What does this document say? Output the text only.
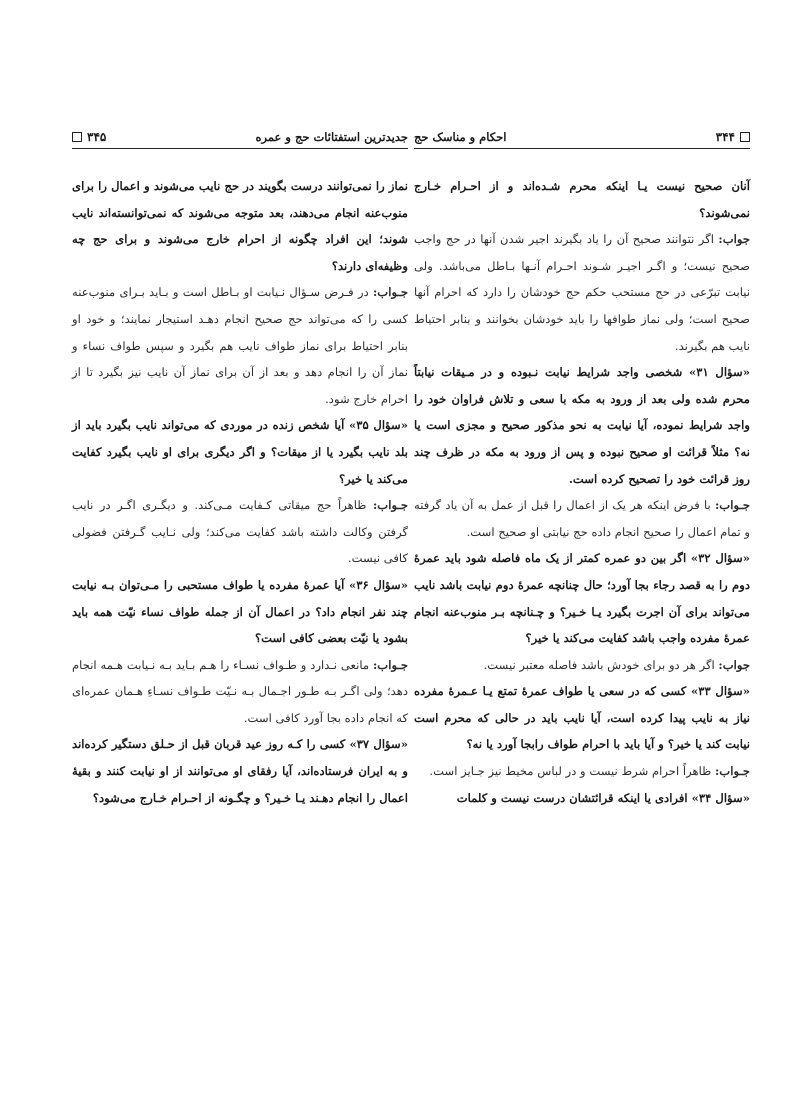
جدیدترین استفتائات حج و عمره
۳۴۵

نماز را نمی‌توانند درست بگویند در حج نایب می‌شوند و اعمال را برای منوب‌عنه انجام می‌دهند، بعد متوجه می‌شوند که نمی‌توانسته‌اند نایب شوند؛ این افراد چگونه از احرام خارج می‌شوند و برای حج چه وظیفه‌ای دارند؟

جـواب: در فـرض سـؤال نـیابت او بـاطل است و بـاید بـرای منوب‌عنه کسی را که می‌تواند حج صحیح انجام دهـد استیجار نمایند؛ و خود او بنابر احتیاط برای نماز طواف نایب هم بگیرد و سپس طواف نساء و نماز آن را انجام دهد و بعد از آن برای نماز آن نایب نیز بگیرد تا از احرام خارج شود.

«سؤال ۳۵» آیا شخص زنده در موردی که می‌تواند نایب بگیرد باید از بلد نایب بگیرد یا از میقات؟ و اگر دیگری برای او نایب بگیرد کفایت می‌کند یا خیر؟

جـواب: ظاهراً حج میقاتی کـفایت مـی‌کند. و دیگـری اگـر در نایب گرفتن وکالت داشته باشد کفایت می‌کند؛ ولی نـایب گـرفتن فضولی کافی نیست.

«سؤال ۳۶» آیا عمرهٔ مفرده یا طواف مستحبی را مـی‌توان بـه نیابت چند نفر انجام داد؟ در اعمال آن از جمله طواف نساء نیّت همه باید بشود یا نیّت بعضی کافی است؟

جـواب: مانعی نـدارد و طـواف نسـاء را هـم بـاید بـه نـیابت هـمه انجام دهد؛ ولی اگـر بـه طـور اجـمال بـه نـیّت طـواف نسـاءِ هـمان عمره‌ای که انجام داده بجا آورد کافی است.

«سؤال ۳۷» کسی را کـه روز عید قربان قبل از حـلق دستگیر کرده‌اند و به ایران فرستاده‌اند، آیا رفقای او می‌توانند از او نیابت کنند و بقیهٔ اعمال را انجام دهـند یـا خـیر؟ و چگـونه از احـرام خـارج می‌شود؟

۳۴۴
احکام و مناسک حج

آنان صحیح نیست یـا اینکه محرم شـده‌اند و از احـرام خـارج نمی‌شوند؟

جواب: اگر نتوانند صحیح آن را یاد بگیرند اجیر شدن آنها در حج واجب صحیح نیست؛ و اگـر اجیـر شـوند احـرام آنـها بـاطل می‌باشد. ولی نیابت تبرّعی در حج مستحب حکم حج خودشان را دارد که احرام آنها صحیح است؛ ولی نماز طوافها را باید خودشان بخوانند و بنابر احتیاط نایب هم بگیرند.

«سؤال ۳۱» شخصی واجد شرایط نیابت نـبوده و در مـیقات نیابتاً محرم شده ولی بعد از ورود به مکه با سعی و تلاش فراوان خود را واجد شرایط نموده، آیا نیابت به نحو مذکور صحیح و مجزی است یا نه؟ مثلاً قرائت او صحیح نبوده و پس از ورود به مکه در ظرف چند روز قرائت خود را تصحیح کرده است.

جـواب: با فرض اینکه هر یک از اعمال را قبل از عمل به آن یاد گرفته و تمام اعمال را صحیح انجام داده حج نیابتی او صحیح است.

«سؤال ۳۲» اگر بین دو عمره کمتر از یک ماه فاصله شود باید عمرهٔ دوم را به قصد رجاء بجا آورد؛ حال چنانچه عمرهٔ دوم نیابت باشد نایب می‌تواند برای آن اجرت بگیرد یـا خـیر؟ و چـنانچه بـر منوب‌عنه انجام عمرهٔ مفرده واجب باشد کفایت می‌کند یا خیر؟

جواب: اگر هر دو برای خودش باشد فاصله معتبر نیست.

«سؤال ۳۳» کسی که در سعی یا طواف عمرهٔ تمتع یـا عـمرهٔ مفرده نیاز به نایب پیدا کرده است، آیا نایب باید در حالی که محرم است نیابت کند یا خیر؟ و آیا باید با احرام طواف رابجا آورد یا نه؟

جـواب: ظاهراً احرام شرط نیست و در لباس مخیط نیز جـایز است.

«سؤال ۳۴» افرادی یا اینکه قرائتشان درست نیست و کلمات
